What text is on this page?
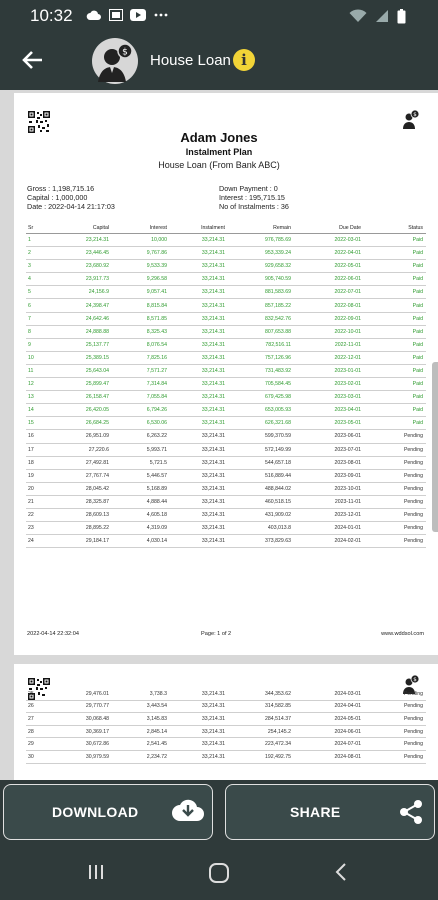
10:32
$ House Loan i
$
Adam Jones
Instalment Plan
House Loan (From Bank ABC)
Gross : 1,198,715.16
Capital : 1,000,000
Date : 2022-04-14 21:17:03
Down Payment : 0
Interest : 195,715.15
No of Instalments : 36
Sr	Capital	Interest	Instalment	Remain	Due Date	Status
1	23,214.31	10,000	33,214.31	976,785.69	2022-03-01	Paid
2	23,446.45	9,767.86	33,214.31	953,339.24	2022-04-01	Paid
3	23,680.92	9,533.39	33,214.31	929,658.32	2022-05-01	Paid
4	23,917.73	9,296.58	33,214.31	905,740.59	2022-06-01	Paid
5	24,156.9	9,057.41	33,214.31	881,583.69	2022-07-01	Paid
6	24,398.47	8,815.84	33,214.31	857,185.22	2022-08-01	Paid
7	24,642.46	8,571.85	33,214.31	832,542.76	2022-09-01	Paid
8	24,888.88	8,325.43	33,214.31	807,653.88	2022-10-01	Paid
9	25,137.77	8,076.54	33,214.31	782,516.11	2022-11-01	Paid
10	25,389.15	7,825.16	33,214.31	757,126.96	2022-12-01	Paid
11	25,643.04	7,571.27	33,214.31	731,483.92	2023-01-01	Paid
12	25,899.47	7,314.84	33,214.31	705,584.45	2023-02-01	Paid
13	26,158.47	7,055.84	33,214.31	679,425.98	2023-03-01	Paid
14	26,420.05	6,794.26	33,214.31	653,005.93	2023-04-01	Paid
15	26,684.25	6,530.06	33,214.31	626,321.68	2023-05-01	Paid
16	26,951.09	6,263.22	33,214.31	599,370.59	2023-06-01	Pending
17	27,220.6	5,993.71	33,214.31	572,149.99	2023-07-01	Pending
18	27,492.81	5,721.5	33,214.31	544,657.18	2023-08-01	Pending
19	27,767.74	5,446.57	33,214.31	516,889.44	2023-09-01	Pending
20	28,045.42	5,168.89	33,214.31	488,844.02	2023-10-01	Pending
21	28,325.87	4,888.44	33,214.31	460,518.15	2023-11-01	Pending
22	28,609.13	4,605.18	33,214.31	431,909.02	2023-12-01	Pending
23	28,895.22	4,319.09	33,214.31	403,013.8	2024-01-01	Pending
24	29,184.17	4,030.14	33,214.31	373,829.63	2024-02-01	Pending
2022-04-14 22:32:04	Page: 1 of 2	www.wddsol.com
$
25	29,476.01	3,738.3	33,214.31	344,353.62	2024-03-01	Pending
26	29,770.77	3,443.54	33,214.31	314,582.85	2024-04-01	Pending
27	30,068.48	3,145.83	33,214.31	284,514.37	2024-05-01	Pending
28	30,369.17	2,845.14	33,214.31	254,145.2	2024-06-01	Pending
29	30,672.86	2,541.45	33,214.31	223,472.34	2024-07-01	Pending
30	30,979.59	2,234.72	33,214.31	192,492.75	2024-08-01	Pending
DOWNLOAD	SHARE
